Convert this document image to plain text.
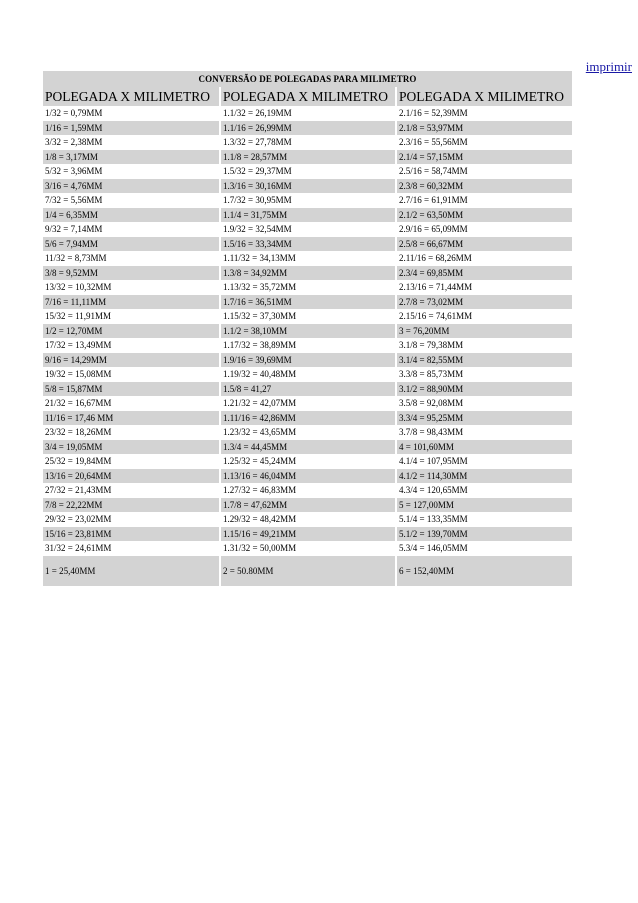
imprimir
CONVERSÃO DE POLEGADAS PARA MILIMETRO
POLEGADA X MILIMETRO	POLEGADA X MILIMETRO	POLEGADA X MILIMETRO
1/32 = 0,79MM	1.1/32 = 26,19MM	2.1/16 = 52,39MM
1/16 = 1,59MM	1.1/16 = 26,99MM	2.1/8 = 53,97MM
3/32 = 2,38MM	1.3/32 = 27,78MM	2.3/16 = 55,56MM
1/8 = 3,17MM	1.1/8 = 28,57MM	2.1/4 = 57,15MM
5/32 = 3,96MM	1.5/32 = 29,37MM	2.5/16 = 58,74MM
3/16 = 4,76MM	1.3/16 = 30,16MM	2.3/8 = 60,32MM
7/32 = 5,56MM	1.7/32 = 30,95MM	2.7/16 = 61,91MM
1/4 = 6,35MM	1.1/4 = 31,75MM	2.1/2 = 63,50MM
9/32 = 7,14MM	1.9/32 = 32,54MM	2.9/16 = 65,09MM
5/6 = 7,94MM	1.5/16 = 33,34MM	2.5/8 = 66,67MM
11/32 = 8,73MM	1.11/32 = 34,13MM	2.11/16 = 68,26MM
3/8 = 9,52MM	1.3/8 = 34,92MM	2.3/4 = 69,85MM
13/32 = 10,32MM	1.13/32 = 35,72MM	2.13/16 = 71,44MM
7/16 = 11,11MM	1.7/16 = 36,51MM	2.7/8 = 73,02MM
15/32 = 11,91MM	1.15/32 = 37,30MM	2.15/16 = 74,61MM
1/2 = 12,70MM	1.1/2 = 38,10MM	3 = 76,20MM
17/32 = 13,49MM	1.17/32 = 38,89MM	3.1/8 = 79,38MM
9/16 = 14,29MM	1.9/16 = 39,69MM	3.1/4 = 82,55MM
19/32 = 15,08MM	1.19/32 = 40,48MM	3.3/8 = 85,73MM
5/8 = 15,87MM	1.5/8 = 41,27	3.1/2 = 88,90MM
21/32 = 16,67MM	1.21/32 = 42,07MM	3.5/8 = 92,08MM
11/16 = 17,46 MM	1.11/16 = 42,86MM	3.3/4 = 95,25MM
23/32 = 18,26MM	1.23/32 = 43,65MM	3.7/8 = 98,43MM
3/4 = 19,05MM	1.3/4 = 44,45MM	4 = 101,60MM
25/32 = 19,84MM	1.25/32 = 45,24MM	4.1/4 = 107,95MM
13/16 = 20,64MM	1.13/16 = 46,04MM	4.1/2 = 114,30MM
27/32 = 21,43MM	1.27/32 = 46,83MM	4.3/4 = 120,65MM
7/8 = 22,22MM	1.7/8 = 47,62MM	5 = 127,00MM
29/32 = 23,02MM	1.29/32 = 48,42MM	5.1/4 = 133,35MM
15/16 = 23,81MM	1.15/16 = 49,21MM	5.1/2 = 139,70MM
31/32 = 24,61MM	1.31/32 = 50,00MM	5.3/4 = 146,05MM
1 = 25,40MM	2 = 50.80MM	6 = 152,40MM
